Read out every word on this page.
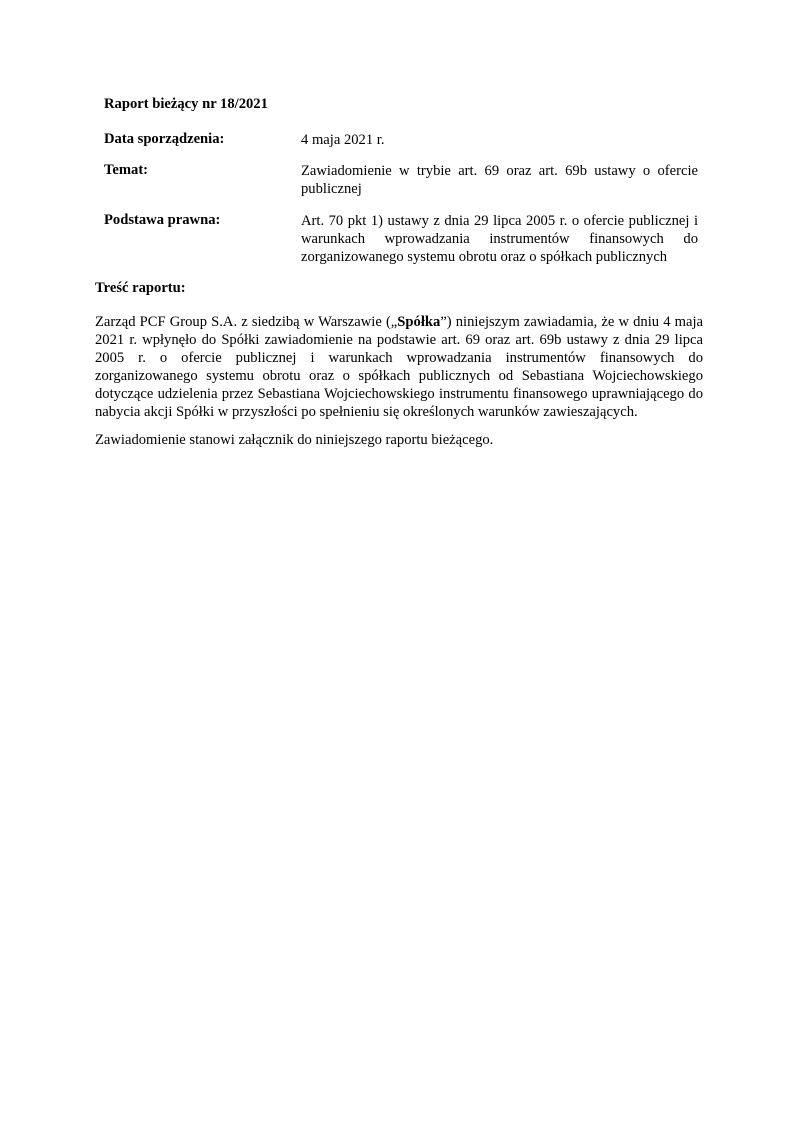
Raport bieżący nr 18/2021
Data sporządzenia:	4 maja 2021 r.
Temat:	Zawiadomienie w trybie art. 69 oraz art. 69b ustawy o ofercie
publicznej
Podstawa prawna:	Art. 70 pkt 1) ustawy z dnia 29 lipca 2005 r. o ofercie publicznej i
warunkach wprowadzania instrumentów finansowych do
zorganizowanego systemu obrotu oraz o spółkach publicznych
Treść raportu:
Zarząd PCF Group S.A. z siedzibą w Warszawie („Spółka”) niniejszym zawiadamia, że w dniu 4 maja
2021 r. wpłynęło do Spółki zawiadomienie na podstawie art. 69 oraz art. 69b ustawy z dnia 29 lipca
2005 r. o ofercie publicznej i warunkach wprowadzania instrumentów finansowych do
zorganizowanego systemu obrotu oraz o spółkach publicznych od Sebastiana Wojciechowskiego
dotyczące udzielenia przez Sebastiana Wojciechowskiego instrumentu finansowego uprawniającego do
nabycia akcji Spółki w przyszłości po spełnieniu się określonych warunków zawieszających.
Zawiadomienie stanowi załącznik do niniejszego raportu bieżącego.
